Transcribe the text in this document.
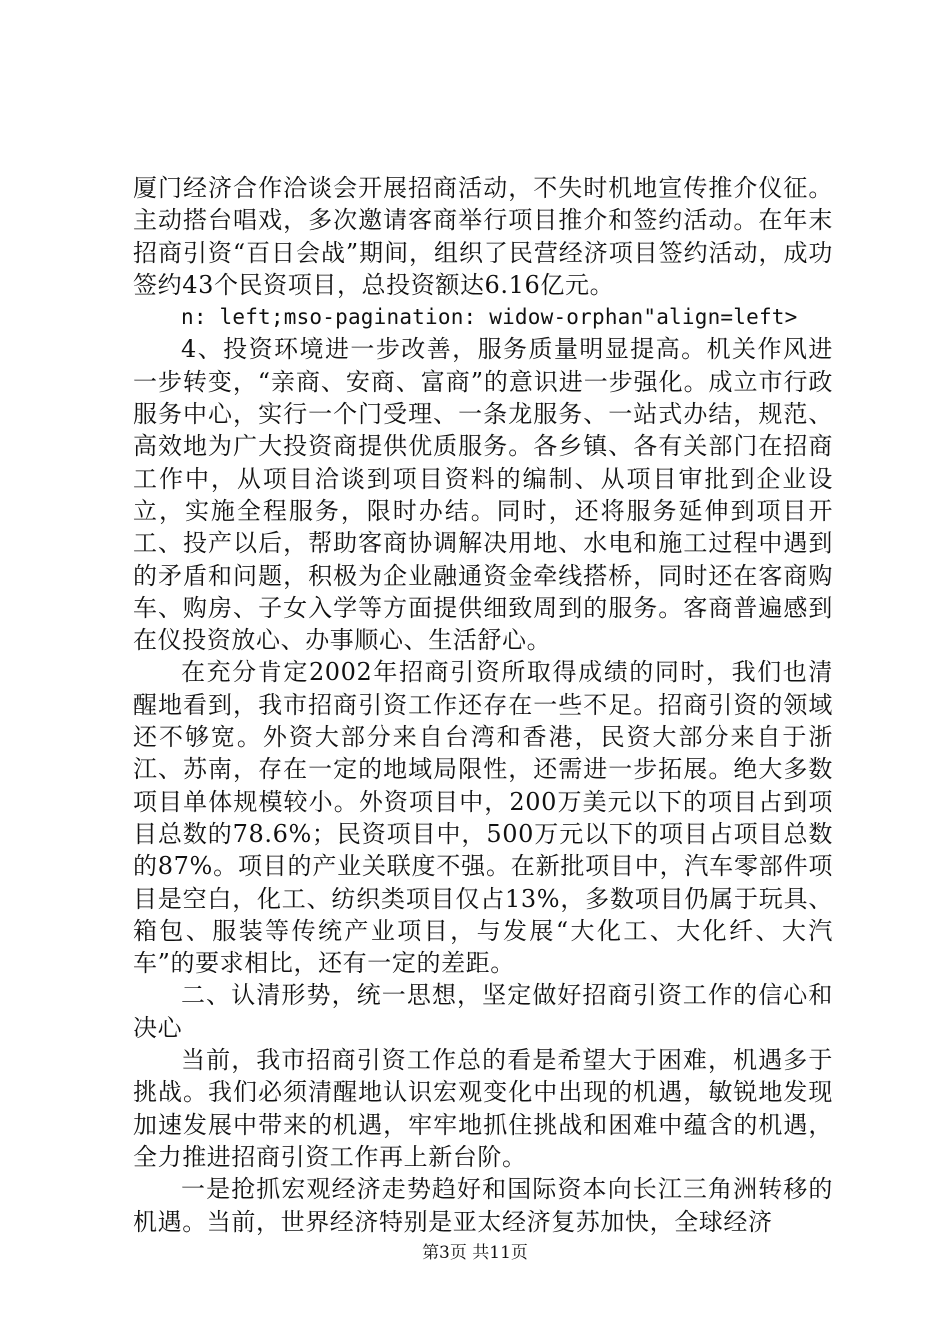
厦门经济合作洽谈会开展招商活动，不失时机地宣传推介仪征。主动搭台唱戏，多次邀请客商举行项目推介和签约活动。在年末招商引资“百日会战”期间，组织了民营经济项目签约活动，成功签约43个民资项目，总投资额达6.16亿元。

n: left;mso-pagination: widow-orphan"align=left>

4、投资环境进一步改善，服务质量明显提高。机关作风进一步转变，“亲商、安商、富商”的意识进一步强化。成立市行政服务中心，实行一个门受理、一条龙服务、一站式办结，规范、高效地为广大投资商提供优质服务。各乡镇、各有关部门在招商工作中，从项目洽谈到项目资料的编制、从项目审批到企业设立，实施全程服务，限时办结。同时，还将服务延伸到项目开工、投产以后，帮助客商协调解决用地、水电和施工过程中遇到的矛盾和问题，积极为企业融通资金牵线搭桥，同时还在客商购车、购房、子女入学等方面提供细致周到的服务。客商普遍感到在仪投资放心、办事顺心、生活舒心。

在充分肯定2002年招商引资所取得成绩的同时，我们也清醒地看到，我市招商引资工作还存在一些不足。招商引资的领域还不够宽。外资大部分来自台湾和香港，民资大部分来自于浙江、苏南，存在一定的地域局限性，还需进一步拓展。绝大多数项目单体规模较小。外资项目中，200万美元以下的项目占到项目总数的78.6%；民资项目中，500万元以下的项目占项目总数的87%。项目的产业关联度不强。在新批项目中，汽车零部件项目是空白，化工、纺织类项目仅占13%，多数项目仍属于玩具、箱包、服装等传统产业项目，与发展“大化工、大化纤、大汽车”的要求相比，还有一定的差距。

二、认清形势，统一思想，坚定做好招商引资工作的信心和决心

当前，我市招商引资工作总的看是希望大于困难，机遇多于挑战。我们必须清醒地认识宏观变化中出现的机遇，敏锐地发现加速发展中带来的机遇，牢牢地抓住挑战和困难中蕴含的机遇，全力推进招商引资工作再上新台阶。

一是抢抓宏观经济走势趋好和国际资本向长江三角洲转移的机遇。当前，世界经济特别是亚太经济复苏加快，全球经济

第3页 共11页
